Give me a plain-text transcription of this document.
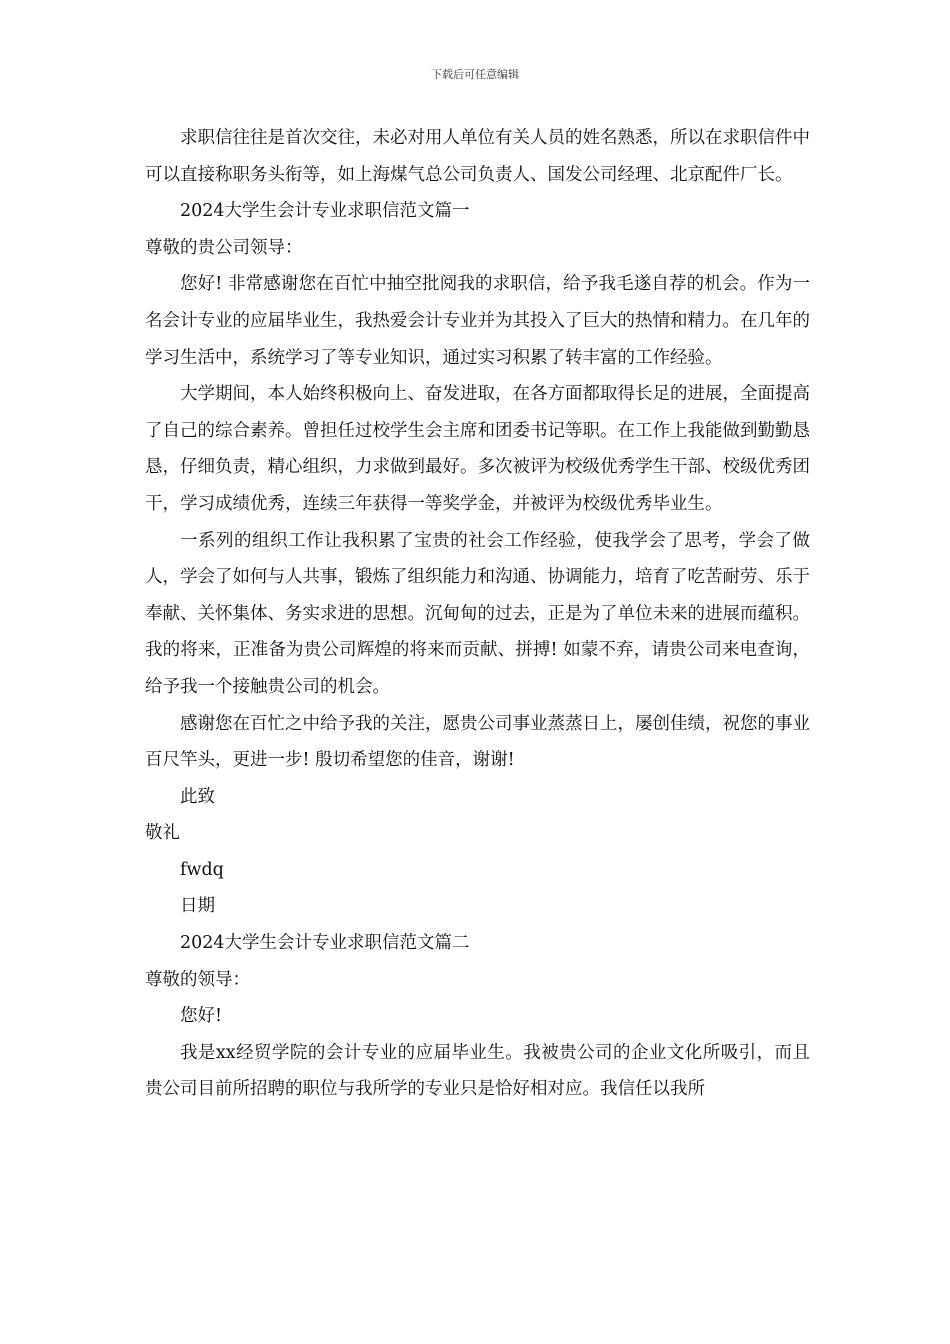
下载后可任意编辑

求职信往往是首次交往，未必对用人单位有关人员的姓名熟悉，所以在求职信件中可以直接称职务头衔等，如上海煤气总公司负责人、国发公司经理、北京配件厂长。

2024大学生会计专业求职信范文篇一

尊敬的贵公司领导：

您好! 非常感谢您在百忙中抽空批阅我的求职信，给予我毛遂自荐的机会。作为一名会计专业的应届毕业生，我热爱会计专业并为其投入了巨大的热情和精力。在几年的学习生活中，系统学习了等专业知识，通过实习积累了转丰富的工作经验。

大学期间，本人始终积极向上、奋发进取，在各方面都取得长足的进展，全面提高了自己的综合素养。曾担任过校学生会主席和团委书记等职。在工作上我能做到勤勤恳恳，仔细负责，精心组织，力求做到最好。多次被评为校级优秀学生干部、校级优秀团干，学习成绩优秀，连续三年获得一等奖学金，并被评为校级优秀毕业生。

一系列的组织工作让我积累了宝贵的社会工作经验，使我学会了思考，学会了做人，学会了如何与人共事，锻炼了组织能力和沟通、协调能力，培育了吃苦耐劳、乐于奉献、关怀集体、务实求进的思想。沉甸甸的过去，正是为了单位未来的进展而蕴积。我的将来，正准备为贵公司辉煌的将来而贡献、拼搏! 如蒙不弃，请贵公司来电查询，给予我一个接触贵公司的机会。

感谢您在百忙之中给予我的关注，愿贵公司事业蒸蒸日上，屡创佳绩，祝您的事业百尺竿头，更进一步! 殷切希望您的佳音，谢谢!

此致

敬礼

fwdq

日期

2024大学生会计专业求职信范文篇二

尊敬的领导：

您好!

我是xx经贸学院的会计专业的应届毕业生。我被贵公司的企业文化所吸引，而且贵公司目前所招聘的职位与我所学的专业只是恰好相对应。我信任以我所
